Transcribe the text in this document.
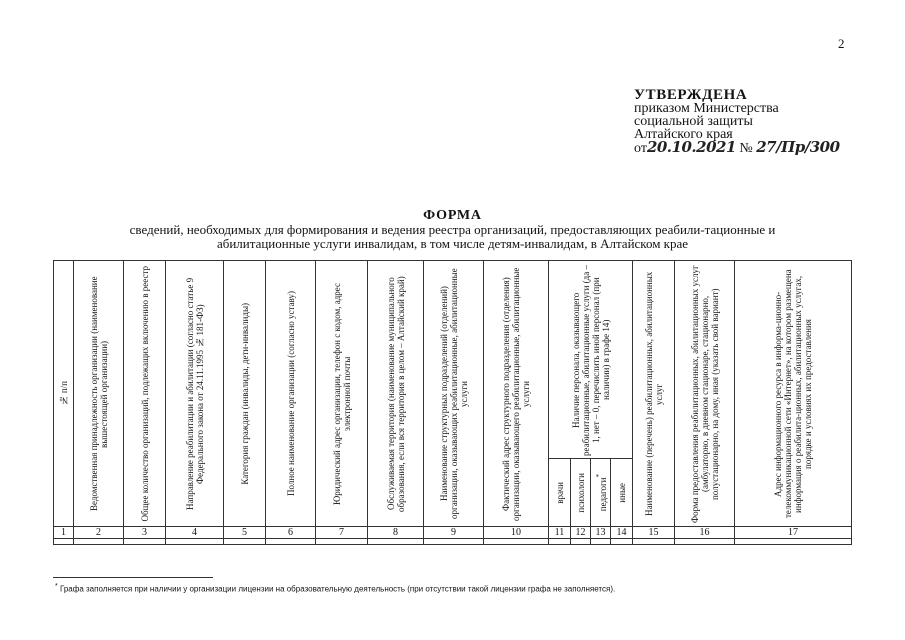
2
УТВЕРЖДЕНА
приказом Министерства
социальной защиты
Алтайского края
от20.10.2021 № 27/Пр/300
ФОРМА
сведений, необходимых для формирования и ведения реестра организаций, предоставляющих реабили-тационные и абилитационные услуги инвалидам, в том числе детям-инвалидам, в Алтайском крае
№ п/п	Ведомственная принадлежность организации (наименование вышестоящей организации)	Общее количество организаций, подлежащих включению в реестр	Направление реабилитации и абилитации (согласно статье 9 Федерального закона от 24.11.1995 № 181-ФЗ)	Категория граждан (инвалиды, дети-инвалиды)	Полное наименование организации (согласно уставу)	Юридический адрес организации, телефон с кодом, адрес электронной почты	Обслуживаемая территория (наименование муниципального образования, если вся территория в целом – Алтайский край)	Наименование структурных подразделений (отделений) организации, оказывающих реабилитационные, абилитационные услуги	Фактический адрес структурного подразделения (отделения) организации, оказывающего реабилитационные, абилитационные услуги	Наличие персонала, оказывающего реабилитационные, абилитационные услуги (да – 1, нет – 0, перечислить иной персонал (при наличии) в графе 14)				Наименование (перечень) реабилитационных, абилитационных услуг	Форма предоставления реабилитационных, абилитационных услуг (амбулаторно, в дневном стационаре, стационарно, полустационарно, на дому, иная (указать свой вариант)	Адрес информационного ресурса в информа-ционно-телекоммуникационной сети «Интернет», на котором размещена информация о реабилита-ционных, абилитационных услугах, порядке и условиях их предоставления

										врачи	психологи	педагоги*	иные			

1	2	3	4	5	6	7	8	9	10	11	12	13	14	15	16	17

* Графа заполняется при наличии у организации лицензии на образовательную деятельность (при отсутствии такой лицензии графа не заполняется).
